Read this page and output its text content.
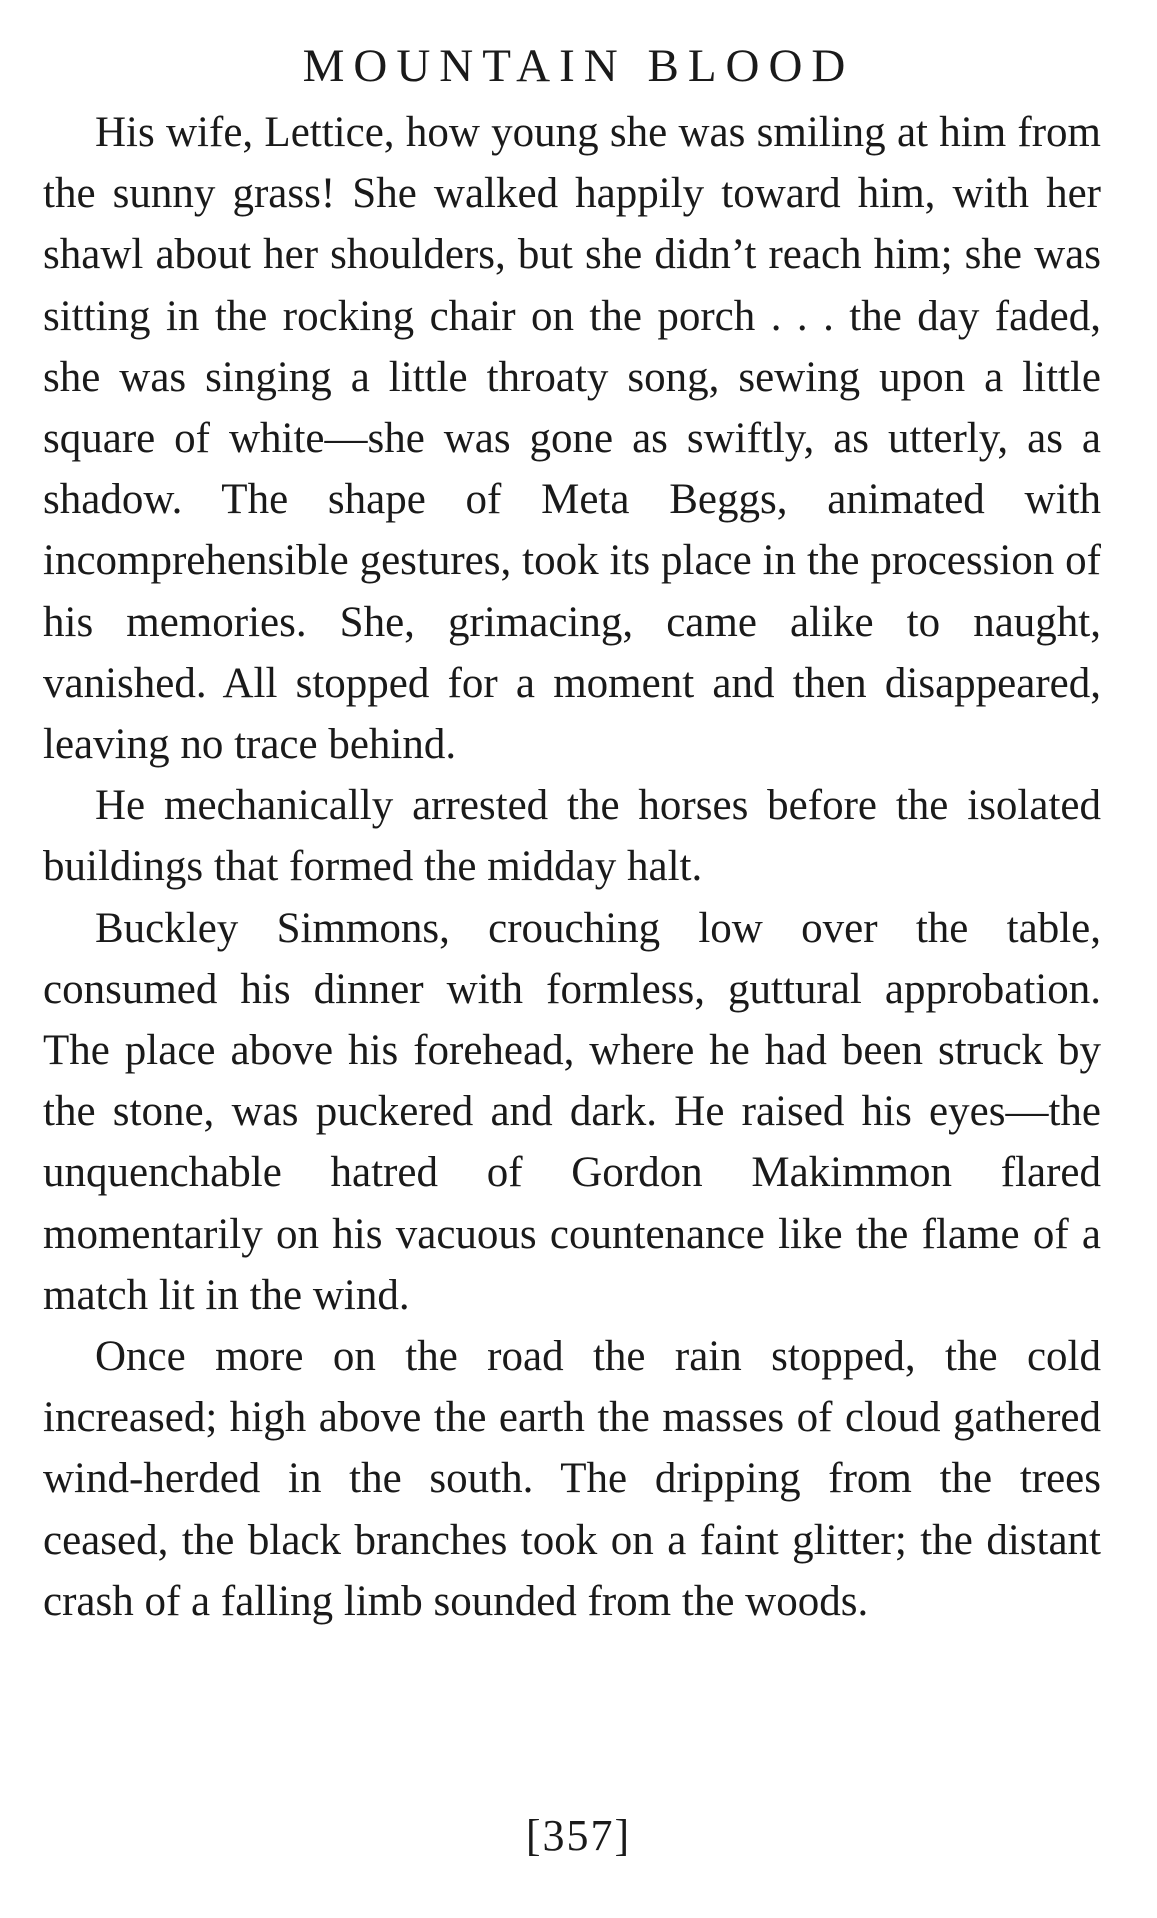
MOUNTAIN BLOOD

His wife, Lettice, how young she was smiling at him from the sunny grass! She walked happily toward him, with her shawl about her shoulders, but she didn’t reach him; she was sitting in the rocking chair on the porch . . . the day faded, she was singing a little throaty song, sewing upon a little square of white—she was gone as swiftly, as utterly, as a shadow. The shape of Meta Beggs, animated with incomprehensible gestures, took its place in the procession of his memories. She, grimacing, came alike to naught, vanished. All stopped for a moment and then disappeared, leaving no trace behind.

He mechanically arrested the horses before the isolated buildings that formed the midday halt.

Buckley Simmons, crouching low over the table, consumed his dinner with formless, guttural approbation. The place above his forehead, where he had been struck by the stone, was puckered and dark. He raised his eyes—the unquenchable hatred of Gordon Makimmon flared momentarily on his vacuous countenance like the flame of a match lit in the wind.

Once more on the road the rain stopped, the cold increased; high above the earth the masses of cloud gathered wind-herded in the south. The dripping from the trees ceased, the black branches took on a faint glitter; the distant crash of a falling limb sounded from the woods.

[357]
